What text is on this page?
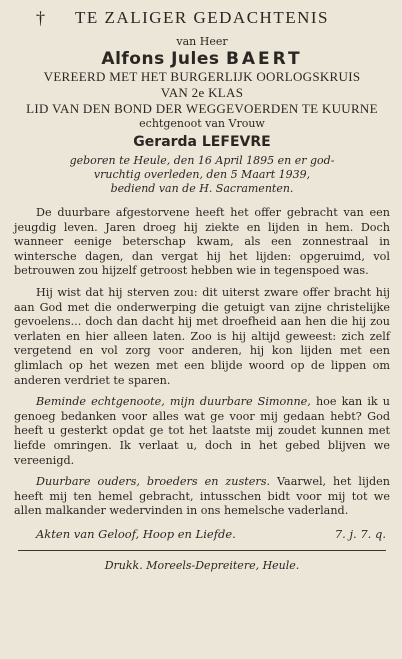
† TE ZALIGER GEDACHTENIS
van Heer
Alfons Jules BAERT
VEREERD MET HET BURGERLIJK OORLOGSKRUIS
VAN 2e KLAS
LID VAN DEN BOND DER WEGGEVOERDEN TE KUURNE
echtgenoot van Vrouw
Gerarda LEFEVRE
geboren te Heule, den 16 April 1895 en er god-
vruchtig overleden, den 5 Maart 1939,
bediend van de H. Sacramenten.

De duurbare afgestorvene heeft het offer gebracht van een jeugdig leven. Jaren droeg hij ziekte en lijden in hem. Doch wanneer eenige beterschap kwam, als een zonnestraal in wintersche dagen, dan vergat hij het lijden: opgeruimd, vol betrouwen zou hijzelf getroost hebben wie in tegenspoed was.

Hij wist dat hij sterven zou: dit uiterst zware offer bracht hij aan God met die onderwerping die getuigt van zijne christelijke gevoelens... doch dan dacht hij met droefheid aan hen die hij zou verlaten en hier alleen laten. Zoo is hij altijd geweest: zich zelf vergetend en vol zorg voor anderen, hij kon lijden met een glimlach op het wezen met een blijde woord op de lippen om anderen verdriet te sparen.

Beminde echtgenoote, mijn duurbare Simonne, hoe kan ik u genoeg bedanken voor alles wat ge voor mij gedaan hebt? God heeft u gesterkt opdat ge tot het laatste mij zoudet kunnen met liefde omringen. Ik verlaat u, doch in het gebed blijven we vereenigd.

Duurbare ouders, broeders en zusters. Vaarwel, het lijden heeft mij ten hemel gebracht, intusschen bidt voor mij tot we allen malkander wedervinden in ons hemelsche vaderland.

Akten van Geloof, Hoop en Liefde.	7. j. 7. q.
Drukk. Moreels-Depreitere, Heule.
